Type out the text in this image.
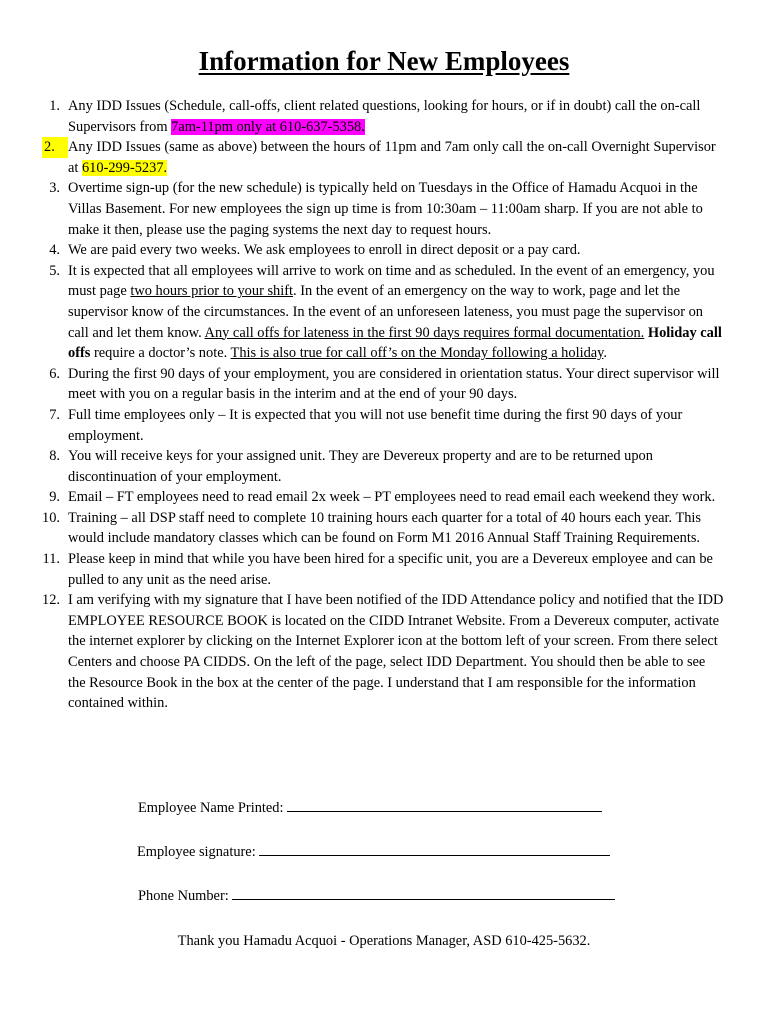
Information for New Employees
1. Any IDD Issues (Schedule, call-offs, client related questions, looking for hours, or if in doubt) call the on-call Supervisors from 7am-11pm only at 610-637-5358.
2. Any IDD Issues (same as above) between the hours of 11pm and 7am only call the on-call Overnight Supervisor at 610-299-5237.
3. Overtime sign-up (for the new schedule) is typically held on Tuesdays in the Office of Hamadu Acquoi in the Villas Basement. For new employees the sign up time is from 10:30am – 11:00am sharp. If you are not able to make it then, please use the paging systems the next day to request hours.
4. We are paid every two weeks. We ask employees to enroll in direct deposit or a pay card.
5. It is expected that all employees will arrive to work on time and as scheduled. In the event of an emergency, you must page two hours prior to your shift. In the event of an emergency on the way to work, page and let the supervisor know of the circumstances. In the event of an unforeseen lateness, you must page the supervisor on call and let them know. Any call offs for lateness in the first 90 days requires formal documentation. Holiday call offs require a doctor’s note. This is also true for call off’s on the Monday following a holiday.
6. During the first 90 days of your employment, you are considered in orientation status. Your direct supervisor will meet with you on a regular basis in the interim and at the end of your 90 days.
7. Full time employees only – It is expected that you will not use benefit time during the first 90 days of your employment.
8. You will receive keys for your assigned unit. They are Devereux property and are to be returned upon discontinuation of your employment.
9. Email – FT employees need to read email 2x week – PT employees need to read email each weekend they work.
10. Training – all DSP staff need to complete 10 training hours each quarter for a total of 40 hours each year. This would include mandatory classes which can be found on Form M1 2016 Annual Staff Training Requirements.
11. Please keep in mind that while you have been hired for a specific unit, you are a Devereux employee and can be pulled to any unit as the need arise.
12. I am verifying with my signature that I have been notified of the IDD Attendance policy and notified that the IDD EMPLOYEE RESOURCE BOOK is located on the CIDD Intranet Website. From a Devereux computer, activate the internet explorer by clicking on the Internet Explorer icon at the bottom left of your screen. From there select Centers and choose PA CIDDS. On the left of the page, select IDD Department. You should then be able to see the Resource Book in the box at the center of the page. I understand that I am responsible for the information contained within.
Employee Name Printed:
Employee signature:
Phone Number:
Thank you Hamadu Acquoi - Operations Manager, ASD 610-425-5632.
